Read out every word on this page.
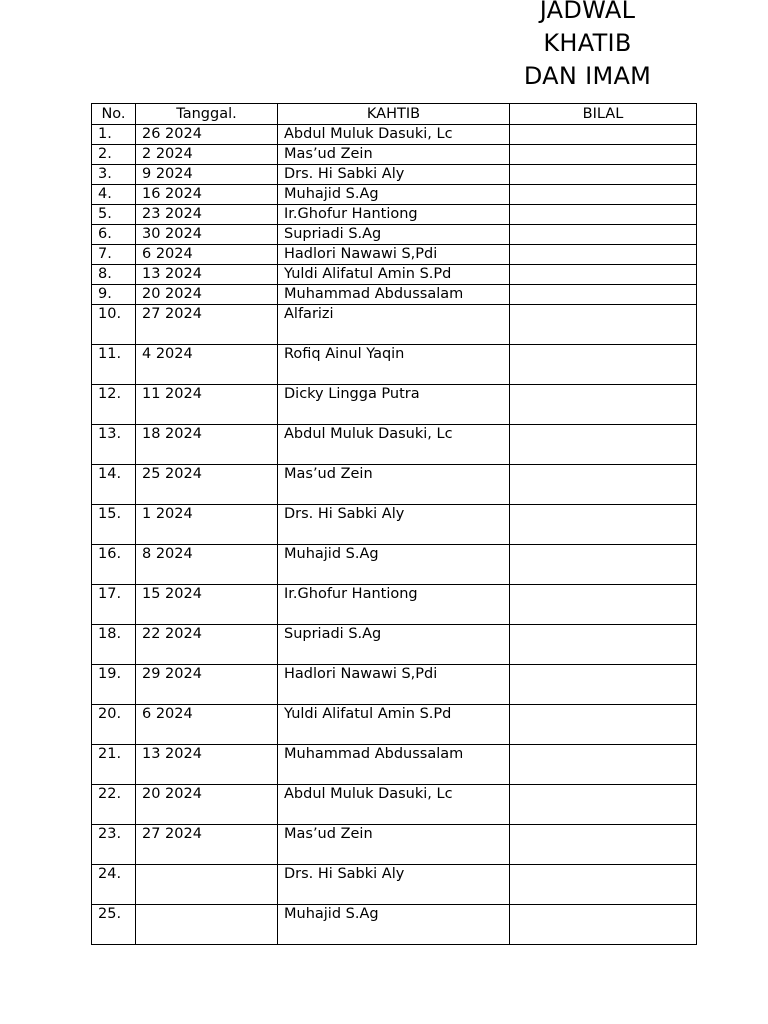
JADWAL
KHATIB
DAN IMAM
No.	Tanggal.	KAHTIB	BILAL
1.	26 2024	Abdul Muluk Dasuki, Lc	
2.	2 2024	Mas’ud Zein	
3.	9 2024	Drs. Hi Sabki Aly	
4.	16 2024	Muhajid S.Ag	
5.	23 2024	Ir.Ghofur Hantiong	
6.	30 2024	Supriadi S.Ag	
7.	6 2024	Hadlori Nawawi S,Pdi	
8.	13 2024	Yuldi Alifatul Amin S.Pd	
9.	20 2024	Muhammad Abdussalam	
10.	27 2024	Alfarizi	
11.	4 2024	Rofiq Ainul Yaqin	
12.	11 2024	Dicky Lingga Putra	
13.	18 2024	Abdul Muluk Dasuki, Lc	
14.	25 2024	Mas’ud Zein	
15.	1 2024	Drs. Hi Sabki Aly	
16.	8 2024	Muhajid S.Ag	
17.	15 2024	Ir.Ghofur Hantiong	
18.	22 2024	Supriadi S.Ag	
19.	29 2024	Hadlori Nawawi S,Pdi	
20.	6 2024	Yuldi Alifatul Amin S.Pd	
21.	13 2024	Muhammad Abdussalam	
22.	20 2024	Abdul Muluk Dasuki, Lc	
23.	27 2024	Mas’ud Zein	
24.		Drs. Hi Sabki Aly	
25.		Muhajid S.Ag	
